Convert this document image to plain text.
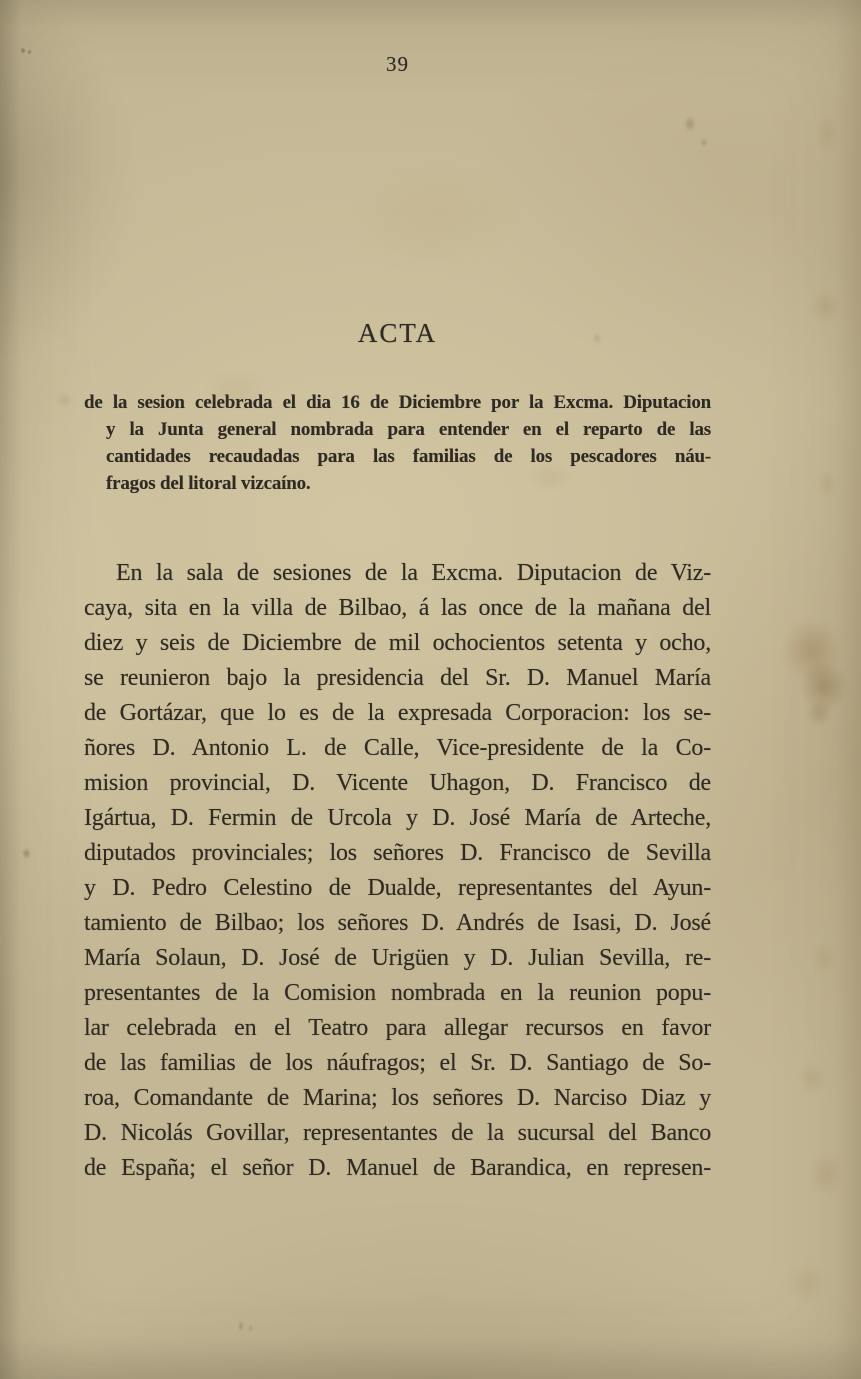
39
ACTA
de la sesion celebrada el dia 16 de Diciembre por la Excma. Diputacion
y la Junta general nombrada para entender en el reparto de las
cantidades recaudadas para las familias de los pescadores náu-
fragos del litoral vizcaíno.
En la sala de sesiones de la Excma. Diputacion de Viz-
caya, sita en la villa de Bilbao, á las once de la mañana del
diez y seis de Diciembre de mil ochocientos setenta y ocho,
se reunieron bajo la presidencia del Sr. D. Manuel María
de Gortázar, que lo es de la expresada Corporacion: los se-
ñores D. Antonio L. de Calle, Vice-presidente de la Co-
mision provincial, D. Vicente Uhagon, D. Francisco de
Igártua, D. Fermin de Urcola y D. José María de Arteche,
diputados provinciales; los señores D. Francisco de Sevilla
y D. Pedro Celestino de Dualde, representantes del Ayun-
tamiento de Bilbao; los señores D. Andrés de Isasi, D. José
María Solaun, D. José de Urigüen y D. Julian Sevilla, re-
presentantes de la Comision nombrada en la reunion popu-
lar celebrada en el Teatro para allegar recursos en favor
de las familias de los náufragos; el Sr. D. Santiago de So-
roa, Comandante de Marina; los señores D. Narciso Diaz y
D. Nicolás Govillar, representantes de la sucursal del Banco
de España; el señor D. Manuel de Barandica, en represen-
